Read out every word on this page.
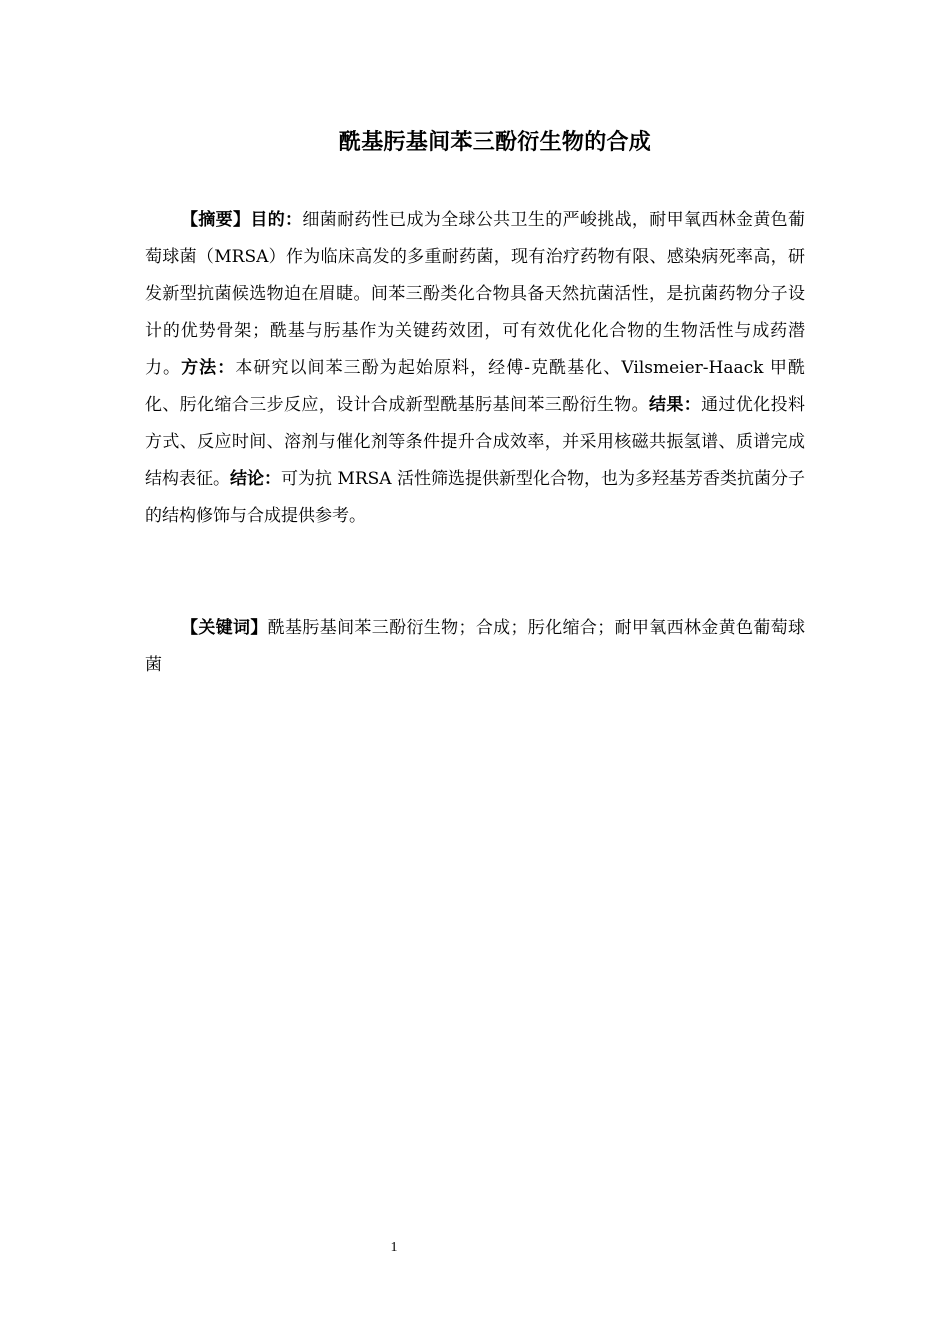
酰基肟基间苯三酚衍生物的合成

【摘要】目的：细菌耐药性已成为全球公共卫生的严峻挑战，耐甲氧西林金黄色葡萄球菌（MRSA）作为临床高发的多重耐药菌，现有治疗药物有限、感染病死率高，研发新型抗菌候选物迫在眉睫。间苯三酚类化合物具备天然抗菌活性，是抗菌药物分子设计的优势骨架；酰基与肟基作为关键药效团，可有效优化化合物的生物活性与成药潜力。方法：本研究以间苯三酚为起始原料，经傅-克酰基化、Vilsmeier-Haack 甲酰化、肟化缩合三步反应，设计合成新型酰基肟基间苯三酚衍生物。结果：通过优化投料方式、反应时间、溶剂与催化剂等条件提升合成效率，并采用核磁共振氢谱、质谱完成结构表征。结论：可为抗 MRSA 活性筛选提供新型化合物，也为多羟基芳香类抗菌分子的结构修饰与合成提供参考。

【关键词】酰基肟基间苯三酚衍生物；合成；肟化缩合；耐甲氧西林金黄色葡萄球菌

1
